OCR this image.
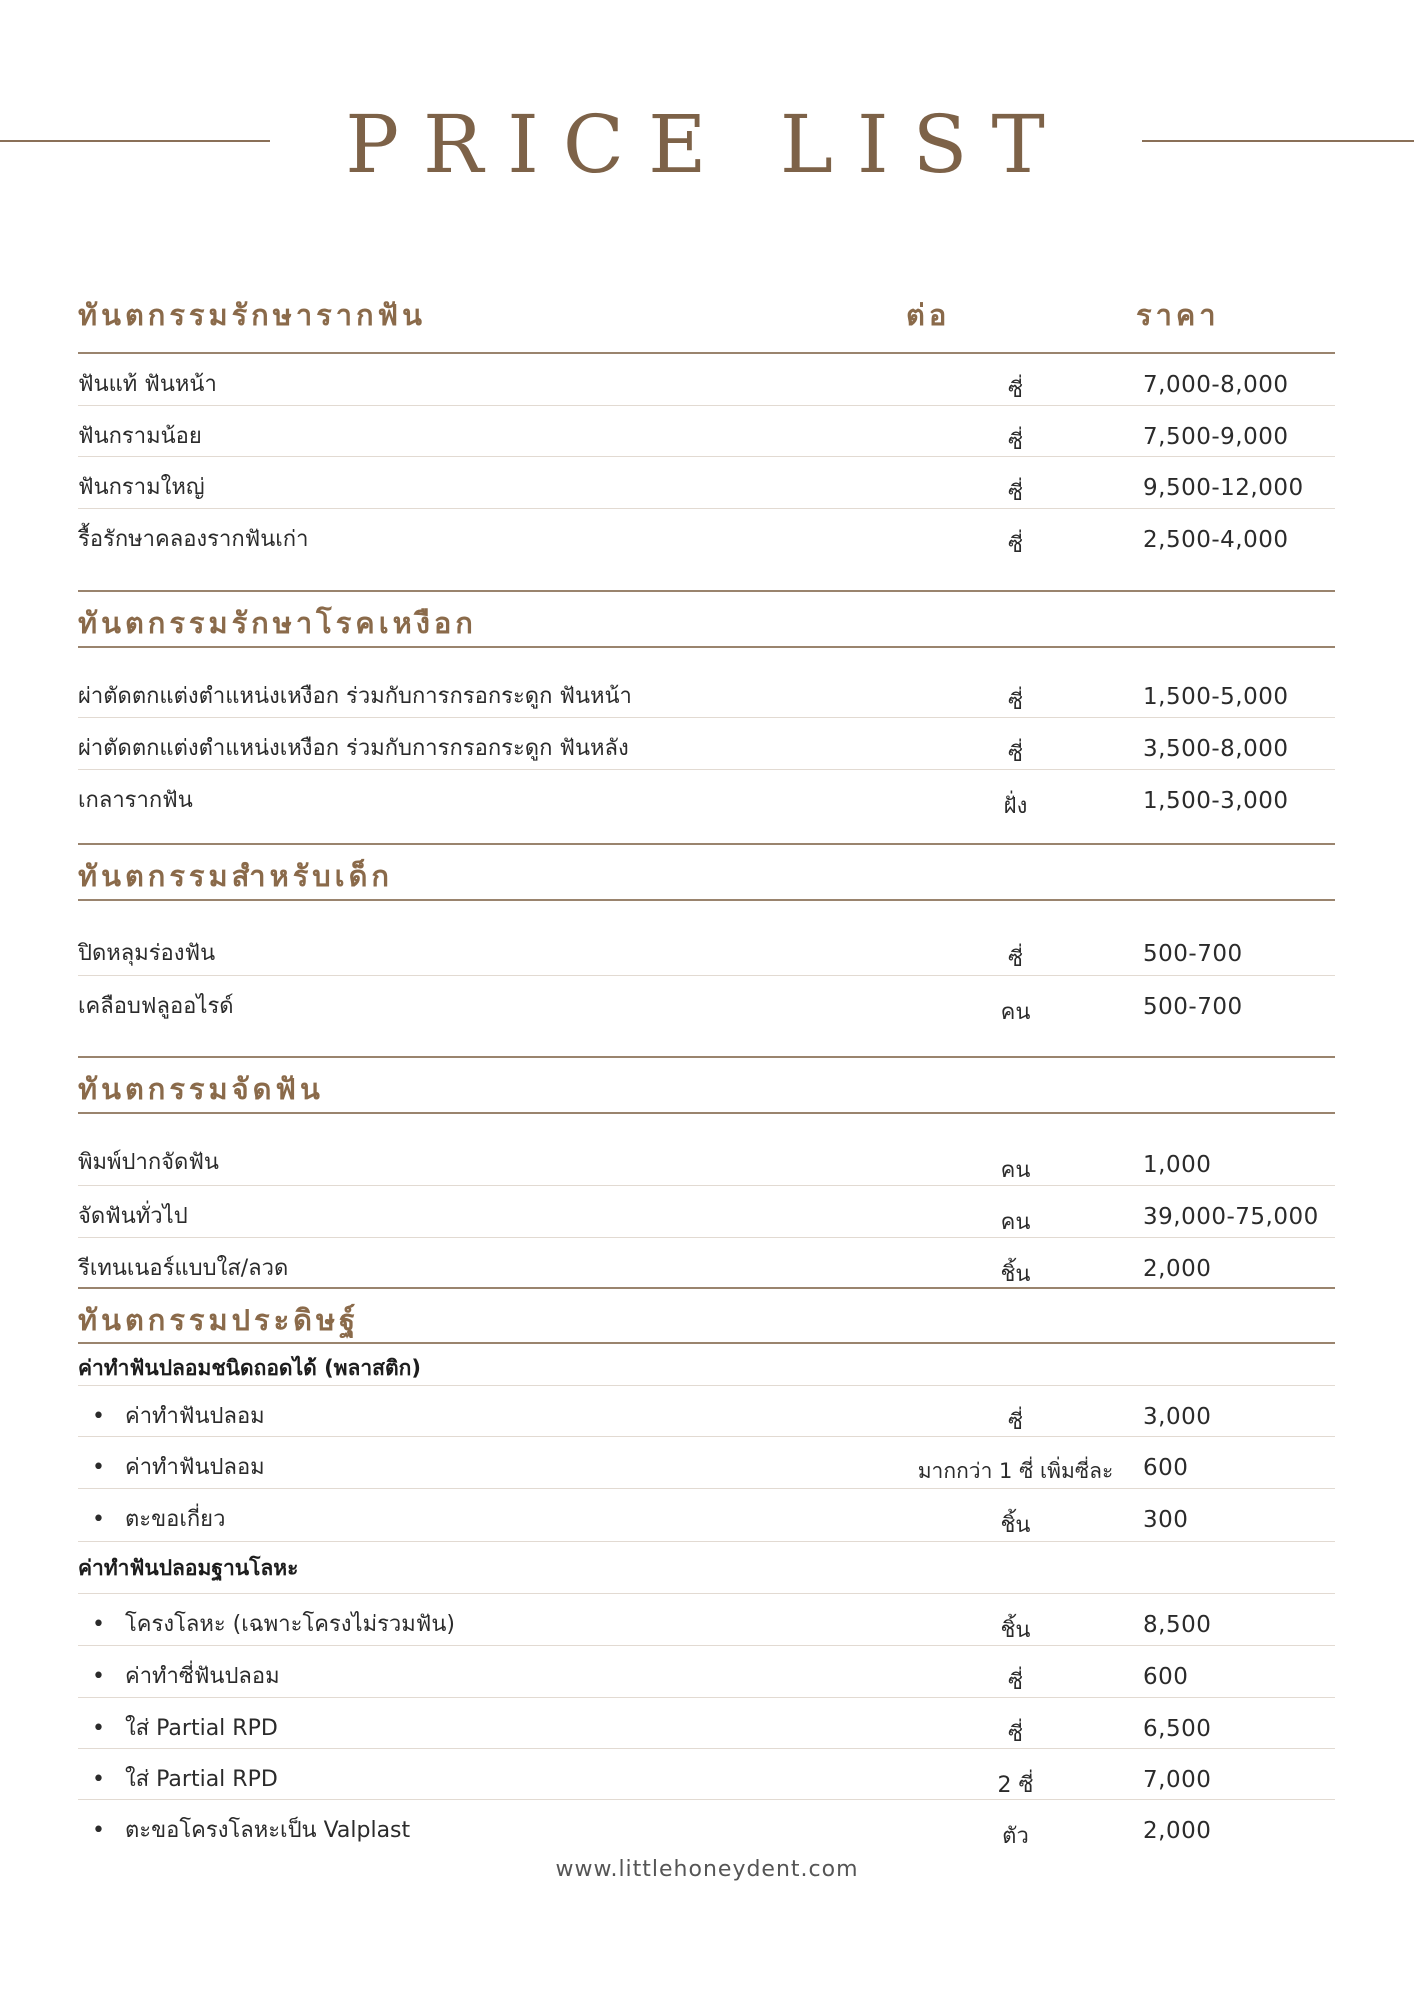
PRICE LIST
ทันตกรรมรักษารากฟัน	ต่อ	ราคา
ฟันแท้ ฟันหน้า	ซี่	7,000-8,000
ฟันกรามน้อย	ซี่	7,500-9,000
ฟันกรามใหญ่	ซี่	9,500-12,000
รื้อรักษาคลองรากฟันเก่า	ซี่	2,500-4,000
ทันตกรรมรักษาโรคเหงือก
ผ่าตัดตกแต่งตำแหน่งเหงือก ร่วมกับการกรอกระดูก ฟันหน้า	ซี่	1,500-5,000
ผ่าตัดตกแต่งตำแหน่งเหงือก ร่วมกับการกรอกระดูก ฟันหลัง	ซี่	3,500-8,000
เกลารากฟัน	ฝั่ง	1,500-3,000
ทันตกรรมสำหรับเด็ก
ปิดหลุมร่องฟัน	ซี่	500-700
เคลือบฟลูออไรด์	คน	500-700
ทันตกรรมจัดฟัน
พิมพ์ปากจัดฟัน	คน	1,000
จัดฟันทั่วไป	คน	39,000-75,000
รีเทนเนอร์แบบใส/ลวด	ชิ้น	2,000
ทันตกรรมประดิษฐ์
ค่าทำฟันปลอมชนิดถอดได้ (พลาสติก)
• ค่าทำฟันปลอม	ซี่	3,000
• ค่าทำฟันปลอม	มากกว่า 1 ซี่ เพิ่มซี่ละ	600
• ตะขอเกี่ยว	ชิ้น	300
ค่าทำฟันปลอมฐานโลหะ
• โครงโลหะ (เฉพาะโครงไม่รวมฟัน)	ชิ้น	8,500
• ค่าทำซี่ฟันปลอม	ซี่	600
• ใส่ Partial RPD	ซี่	6,500
• ใส่ Partial RPD	2 ซี่	7,000
• ตะขอโครงโลหะเป็น Valplast	ตัว	2,000
www.littlehoneydent.com
